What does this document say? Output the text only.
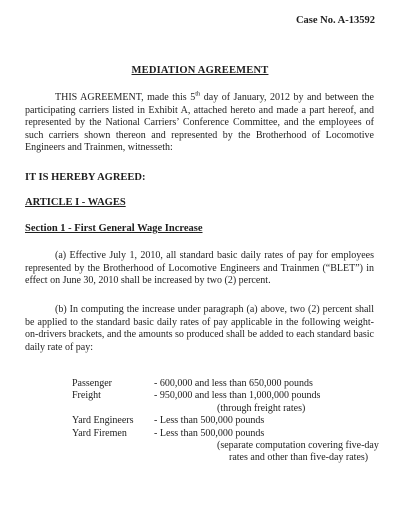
Case No. A-13592
MEDIATION AGREEMENT
THIS AGREEMENT, made this 5th day of January, 2012 by and between the participating carriers listed in Exhibit A, attached hereto and made a part hereof, and represented by the National Carriers’ Conference Committee, and the employees of such carriers shown thereon and represented by the Brotherhood of Locomotive Engineers and Trainmen, witnesseth:
IT IS HEREBY AGREED:
ARTICLE I - WAGES
Section 1 - First General Wage Increase
(a) Effective July 1, 2010, all standard basic daily rates of pay for employees represented by the Brotherhood of Locomotive Engineers and Trainmen (“BLET”) in effect on June 30, 2010 shall be increased by two (2) percent.
(b) In computing the increase under paragraph (a) above, two (2) percent shall be applied to the standard basic daily rates of pay applicable in the following weight-on-drivers brackets, and the amounts so produced shall be added to each standard basic daily rate of pay:
Passenger	- 600,000 and less than 650,000 pounds
Freight	- 950,000 and less than 1,000,000 pounds
(through freight rates)
Yard Engineers	- Less than 500,000 pounds
Yard Firemen	- Less than 500,000 pounds
(separate computation covering five-day
rates and other than five-day rates)
